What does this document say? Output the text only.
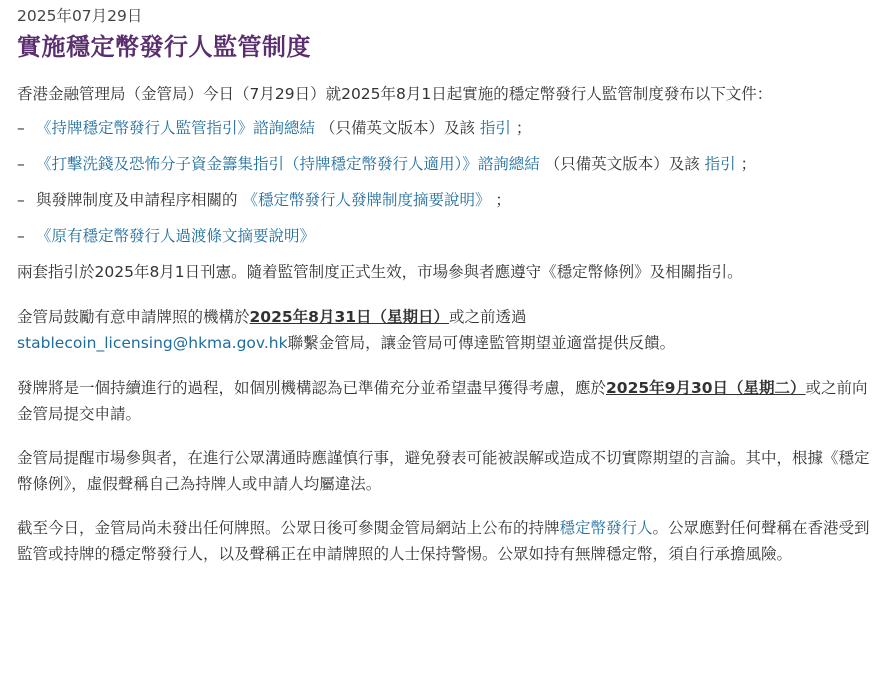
2025年07月29日

實施穩定幣發行人監管制度

香港金融管理局（金管局）今日（7月29日）就2025年8月1日起實施的穩定幣發行人監管制度發布以下文件：

– 《持牌穩定幣發行人監管指引》諮詢總結 （只備英文版本）及該 指引 ；
– 《打擊洗錢及恐怖分子資金籌集指引（持牌穩定幣發行人適用）》諮詢總結 （只備英文版本）及該 指引 ；
– 與發牌制度及申請程序相關的 《穩定幣發行人發牌制度摘要說明》 ；
– 《原有穩定幣發行人過渡條文摘要說明》

兩套指引於2025年8月1日刊憲。隨着監管制度正式生效，市場參與者應遵守《穩定幣條例》及相關指引。

金管局鼓勵有意申請牌照的機構於2025年8月31日（星期日）或之前透過
stablecoin_licensing@hkma.gov.hk聯繫金管局，讓金管局可傳達監管期望並適當提供反饋。

發牌將是一個持續進行的過程，如個別機構認為已準備充分並希望盡早獲得考慮，應於2025年9月30日（星期二）或之前向金管局提交申請。

金管局提醒市場參與者，在進行公眾溝通時應謹慎行事，避免發表可能被誤解或造成不切實際期望的言論。其中，根據《穩定幣條例》，虛假聲稱自己為持牌人或申請人均屬違法。

截至今日，金管局尚未發出任何牌照。公眾日後可參閱金管局網站上公布的持牌穩定幣發行人。公眾應對任何聲稱在香港受到監管或持牌的穩定幣發行人，以及聲稱正在申請牌照的人士保持警惕。公眾如持有無牌穩定幣，須自行承擔風險。
